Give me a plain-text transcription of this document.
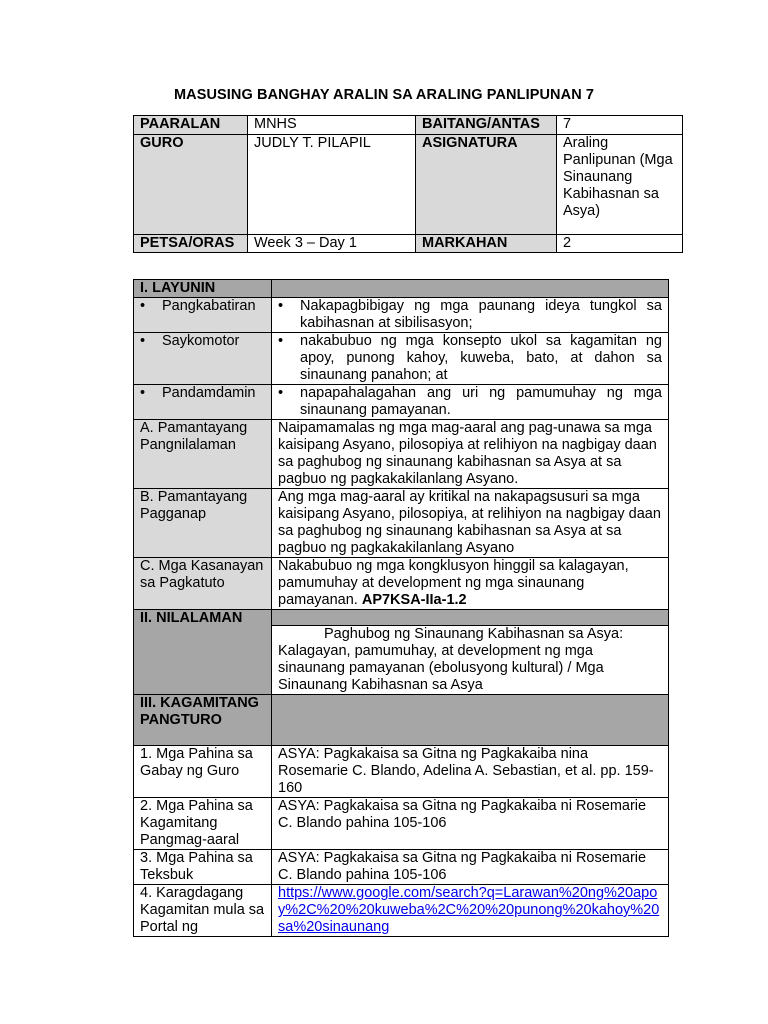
MASUSING BANGHAY ARALIN SA ARALING PANLIPUNAN 7
PAARALAN	MNHS	BAITANG/ANTAS	7
GURO	JUDLY T. PILAPIL	ASIGNATURA	Araling Panlipunan (Mga Sinaunang Kabihasnan sa Asya)
PETSA/ORAS	Week 3 – Day 1	MARKAHAN	2
I. LAYUNIN	

• Pangkabatiran	• Nakapagbibigay ng mga paunang ideya tungkol sa kabihasnan at sibilisasyon;

• Saykomotor	• nakabubuo ng mga konsepto ukol sa kagamitan ng apoy, punong kahoy, kuweba, bato, at dahon sa sinaunang panahon; at

• Pandamdamin	• napapahalagahan ang uri ng pamumuhay ng mga sinaunang pamayanan.

A. Pamantayang Pangnilalaman	Naipamamalas ng mga mag-aaral ang pag-unawa sa mga kaisipang Asyano, pilosopiya at relihiyon na nagbigay daan sa paghubog ng sinaunang kabihasnan sa Asya at sa pagbuo ng pagkakakilanlang Asyano.
B. Pamantayang Pagganap	Ang mga mag-aaral ay kritikal na nakapagsusuri sa mga kaisipang Asyano, pilosopiya, at relihiyon na nagbigay daan sa paghubog ng sinaunang kabihasnan sa Asya at sa pagbuo ng pagkakakilanlang Asyano
C. Mga Kasanayan sa Pagkatuto	Nakabubuo ng mga kongklusyon hinggil sa kalagayan, pamumuhay at development ng mga sinaunang pamayanan. AP7KSA-IIa-1.2
II. NILALAMAN	
	Paghubog ng Sinaunang Kabihasnan sa Asya: Kalagayan, pamumuhay, at development ng mga sinaunang pamayanan (ebolusyong kultural) / Mga Sinaunang Kabihasnan sa Asya
III. KAGAMITANG PANGTURO	
1. Mga Pahina sa Gabay ng Guro	ASYA: Pagkakaisa sa Gitna ng Pagkakaiba nina Rosemarie C. Blando, Adelina A. Sebastian, et al. pp. 159-160
2. Mga Pahina sa Kagamitang Pangmag-aaral	ASYA: Pagkakaisa sa Gitna ng Pagkakaiba ni Rosemarie C. Blando pahina 105-106
3. Mga Pahina sa Teksbuk	ASYA: Pagkakaisa sa Gitna ng Pagkakaiba ni Rosemarie C. Blando pahina 105-106
4. Karagdagang Kagamitan mula sa Portal ng	https://www.google.com/search?q=Larawan%20ng%20apoy%2C%20%20kuweba%2C%20%20punong%20kahoy%20sa%20sinaunang
